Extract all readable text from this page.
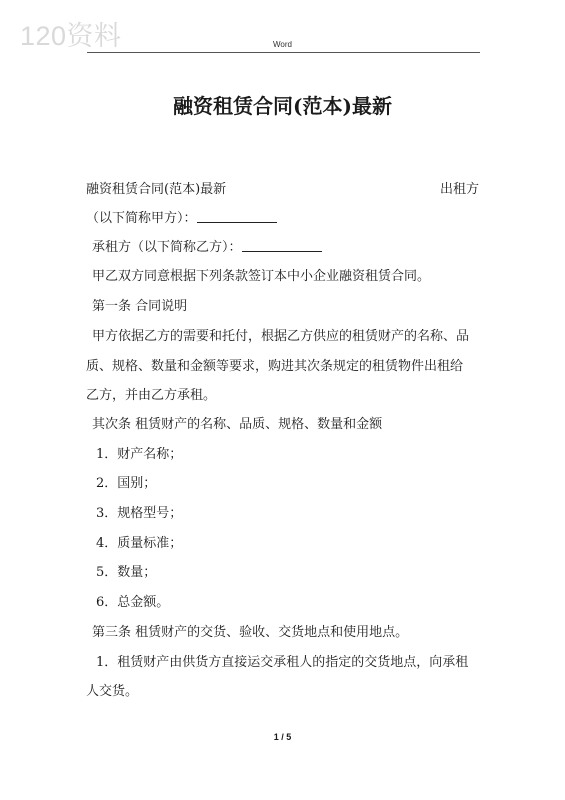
120资料	Word
融资租赁合同(范本)最新
融资租赁合同(范本)最新	出租方
（以下简称甲方）：
承租方（以下简称乙方）：
甲乙双方同意根据下列条款签订本中小企业融资租赁合同。
第一条 合同说明
甲方依据乙方的需要和托付，根据乙方供应的租赁财产的名称、品
质、规格、数量和金额等要求，购进其次条规定的租赁物件出租给
乙方，并由乙方承租。
其次条 租赁财产的名称、品质、规格、数量和金额
1．财产名称；
2．国别；
3．规格型号；
4．质量标准；
5．数量；
6．总金额。
第三条 租赁财产的交货、验收、交货地点和使用地点。
1．租赁财产由供货方直接运交承租人的指定的交货地点，向承租
人交货。
1 / 5
